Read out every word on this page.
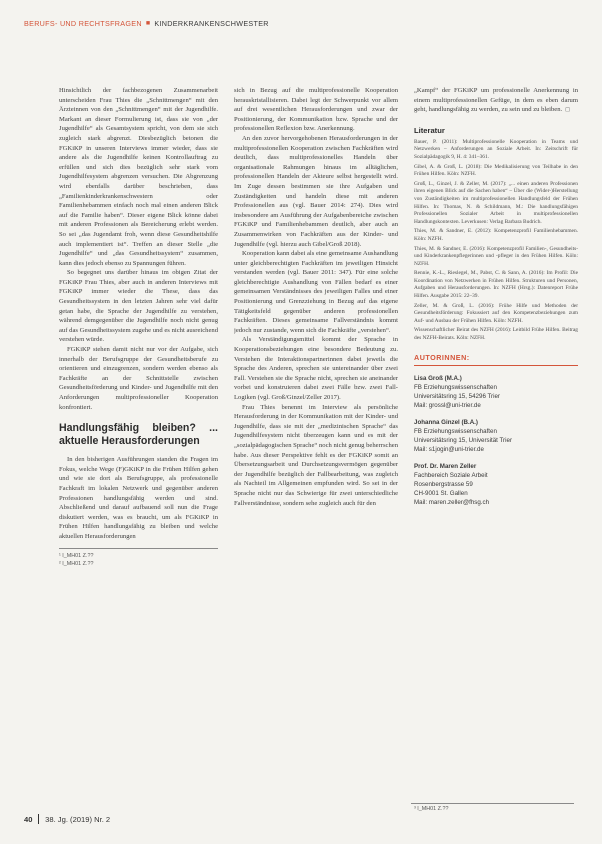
BERUFS- UND RECHTSFRAGEN ■ KINDERKRANKENSCHWESTER

Hinsichtlich der fachbezogenen Zusammenarbeit unterscheiden Frau Thies die „Schnittmengen“ mit den Ärzteinnen von den „Schnittmengen“ mit der Jugendhilfe. Markant an dieser Formulierung ist, dass sie von „der Jugendhilfe“ als Gesamtsystem spricht, von dem sie sich zugleich stark abgrenzt. Diesbezüglich betonen die FGKiKP in unseren Interviews immer wieder, dass sie andere als die Jugendhilfe keinen Kontrollauftrag zu erfüllen und sich dies bezüglich sehr stark vom Jugendhilfesystem abgrenzen versuchen. Die Abgrenzung wird ebenfalls darüber beschrieben, dass „Familienkinderkrankenschwestern oder Familienhebammen einfach noch mal einen anderen Blick auf die Familie haben“. Dieser eigene Blick könne dabei mit anderen Professionen als Bereicherung erlebt werden. So sei „das Jugendamt froh, wenn diese Gesundheitshilfe auch implementiert ist“. Treffen an dieser Stelle „die Jugendhilfe“ und „das Gesundheitssystem“ zusammen, kann dies jedoch ebenso zu Spannungen führen.

So begegnet uns darüber hinaus im obigen Zitat der FGKiKP Frau Thies, aber auch in anderen Interviews mit FGKiKP immer wieder die These, dass das Gesundheitssystem in den letzten Jahren sehr viel dafür getan habe, die Sprache der Jugendhilfe zu verstehen, während demgegenüber die Jugendhilfe noch nicht genug auf das Gesundheitssystem zugehe und es nicht ausreichend verstehen würde.

FGKiKP stehen damit nicht nur vor der Aufgabe, sich innerhalb der Berufsgruppe der Gesundheitsberufe zu orientieren und einzugrenzen, sondern werden ebenso als Fachkräfte an der Schnittstelle zwischen Gesundheitsförderung und Kinder- und Jugendhilfe mit den Anforderungen multiprofessioneller Kooperation konfrontiert.

Handlungsfähig bleiben? ... aktuelle Herausforderungen

In den bisherigen Ausführungen standen die Fragen im Fokus, welche Wege (F)GKiKP in die Frühen Hilfen gehen und wie sie dort als Berufsgruppe, als professionelle Fachkraft im lokalen Netzwerk und gegenüber anderen Professionen handlungsfähig werden und sind. Abschließend und darauf aufbauend soll nun die Frage diskutiert werden, was es braucht, um als FGKiKP in Frühen Hilfen handlungsfähig zu bleiben und welche aktuellen Herausforderungen

¹ I_MH01 Z.??
² I_MH01 Z.??

sich in Bezug auf die multiprofessionelle Kooperation herauskristallisieren. Dabei legt der Schwerpunkt vor allem auf drei wesentlichen Herausforderungen und zwar der Positionierung, der Kommunikation bzw. Sprache und der professionellen Reflexion bzw. Anerkennung.

An den zuvor hervorgehobenen Herausforderungen in der multiprofessionellen Kooperation zwischen Fachkräften wird deutlich, dass multiprofessionelles Handeln über organisationale Rahmungen hinaus im alltäglichen, professionellen Handeln der Akteure selbst hergestellt wird. Im Zuge dessen bestimmen sie ihre Aufgaben und Zuständigkeiten und handeln diese mit anderen Professionellen aus (vgl. Bauer 2014: 274). Dies wird insbesondere am Ausführung der Aufgabenbereiche zwischen FGKiKP und Familienhebammen deutlich, aber auch an Zusammenwirken von Fachkräften aus der Kinder- und Jugendhilfe (vgl. hierzu auch Gibel/Groß 2018).

Kooperation kann dabei als eine gemeinsame Aushandlung unter gleichberechtigten Fachkräften im jeweiligen Hinsicht verstanden werden (vgl. Bauer 2011: 347). Für eine solche gleichberechtigte Aushandlung von Fällen bedarf es einer gemeinsamen Verständnisses des jeweiligen Falles und einer Positionierung und Grenzziehung in Bezug auf das eigene Tätigkeitsfeld gegenüber anderen professionellen Fachkräften. Dieses gemeinsame Fallverständnis kommt jedoch nur zustande, wenn sich die Fachkräfte „verstehen“.

Als Verständigungsmittel kommt der Sprache in Kooperationsbeziehungen eine besondere Bedeutung zu. Verstehen die Interaktionspartnerinnen dabei jeweils die Sprache des Anderen, sprechen sie untereinander über zwei Fall. Verstehen sie die Sprache nicht, sprechen sie aneinander vorbei und konstruieren dabei zwei Fälle bzw. zwei Fall-Logiken (vgl. Groß/Ginzel/Zeller 2017).

Frau Thies benennt im Interview als persönliche Herausforderung in der Kommunikation mit der Kinder- und Jugendhilfe, dass sie mit der „medizinischen Sprache“ das Jugendhilfesystem nicht überzeugen kann und es mit der „sozialpädagogischen Sprache“ noch nicht genug beherrschen habe. Aus dieser Perspektive fehlt es der FGKiKP somit an Übersetzungsarbeit und Durchsetzungsvermögen gegenüber der Jugendhilfe bezüglich der Fallbearbeitung, was zugleich als Nachteil im Allgemeinen empfunden wird. So sei in der Sprache nicht nur das Schwierige für zwei unterschiedliche Fallverständnisse, sondern sehe zugleich auch für den

„Kampf“ der FGKiKP um professionelle Anerkennung in einem multiprofessionellen Gefüge, in dem es eben darum geht, handlungsfähig zu werden, zu sein und zu bleiben. ◻

Literatur
Bauer, P. (2011): Multiprofessionelle Kooperation in Teams und Netzwerken – Anforderungen an Soziale Arbeit. In: Zeitschrift für Sozialpädagogik 9, H. 4: 341–361.
Gibel, A. & Groß, L. (2018): Die Medikalisierung von Teilhabe in den Frühen Hilfen. Köln: NZFH.
Groß, L., Ginzel, J. & Zeller, M. (2017): „... einen anderen Professionen ihren eigenen Blick auf die Sachen haben“ – Über die (Wider-)Herstellung von Zuständigkeiten im multiprofessionellen Handlungsfeld der Frühen Hilfen. In: Thomas, N. & Schildmann, M.: Die handlungsfähigen Professionellen Sozialer Arbeit in multiprofessionellen Handlungskontexten. Leverkusen: Verlag Barbara Budrich.
Thies, M. & Sandner, E. (2012): Kompetenzprofil Familienhebammen. Köln: NZFH.
Thies, M. & Sandner, E. (2016): Kompetenzprofil Familien-, Gesundheits- und Kinderkrankenpflegerinnen und -pfleger in den Frühen Hilfen. Köln: NZFH.
Rennie, K.-L., Rieslegel, M., Pabst, C. & Sann, A. (2016): Im Profil: Die Koordination von Netzwerken in Frühen Hilfen. Strukturen und Personen, Aufgaben und Herausforderungen. In: NZFH (Hrsg.): Datenreport Frühe Hilfen. Ausgabe 2015: 22–39.
Zeller, M. & Groß, L. (2016): Frühe Hilfe und Methoden der Gesundheitsförderung: Fokussiert auf den Kompetenzbeziehungen zum Auf- und Ausbau der Frühen Hilfen. Köln: NZFH.
Wissenschaftlicher Beirat des NZFH (2016): Leitbild Frühe Hilfen. Beitrag des NZFH-Beirats. Köln: NZFH.
AUTORINNEN:
Lisa Groß (M.A.)
FB Erziehungswissenschaften
Universitätsring 15, 54296 Trier
Mail: grossl@uni-trier.de
Johanna Ginzel (B.A.)
FB Erziehungswissenschaften
Universitätsring 15, Universität Trier
Mail: s1jogin@uni-trier.de
Prof. Dr. Maren Zeller
Fachbereich Soziale Arbeit
Rosenbergstrasse 59
CH-9001 St. Gallen
Mail: maren.zeller@fhsg.ch
³ I_MH01 Z.??
40 38. Jg. (2019) Nr. 2
